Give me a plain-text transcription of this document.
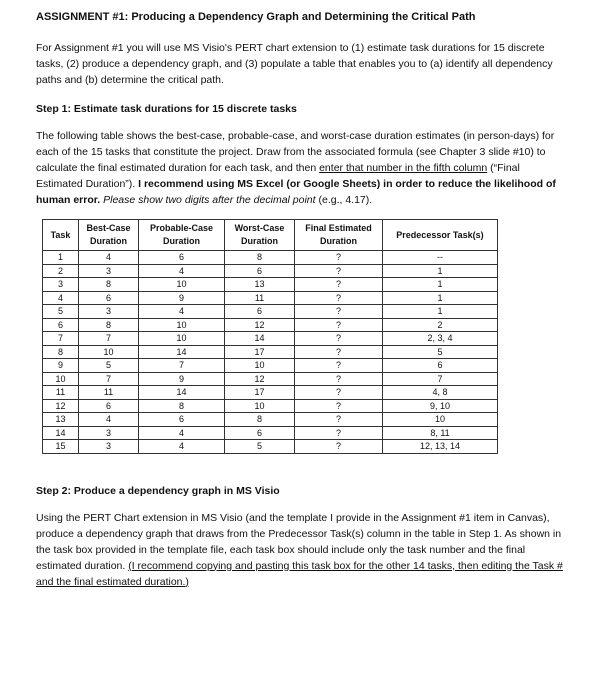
ASSIGNMENT #1: Producing a Dependency Graph and Determining the Critical Path

For Assignment #1 you will use MS Visio's PERT chart extension to (1) estimate task durations for 15 discrete tasks, (2) produce a dependency graph, and (3) populate a table that enables you to (a) identify all dependency paths and (b) determine the critical path.

Step 1: Estimate task durations for 15 discrete tasks

The following table shows the best-case, probable-case, and worst-case duration estimates (in person-days) for each of the 15 tasks that constitute the project. Draw from the associated formula (see Chapter 3 slide #10) to calculate the final estimated duration for each task, and then enter that number in the fifth column (“Final Estimated Duration”). I recommend using MS Excel (or Google Sheets) in order to reduce the likelihood of human error. Please show two digits after the decimal point (e.g., 4.17).

Task	Best-Case Duration	Probable-Case Duration	Worst-Case Duration	Final Estimated Duration	Predecessor Task(s)
1	4	6	8	?	--
2	3	4	6	?	1
3	8	10	13	?	1
4	6	9	11	?	1
5	3	4	6	?	1
6	8	10	12	?	2
7	7	10	14	?	2, 3, 4
8	10	14	17	?	5
9	5	7	10	?	6
10	7	9	12	?	7
11	11	14	17	?	4, 8
12	6	8	10	?	9, 10
13	4	6	8	?	10
14	3	4	6	?	8, 11
15	3	4	5	?	12, 13, 14
Step 2: Produce a dependency graph in MS Visio

Using the PERT Chart extension in MS Visio (and the template I provide in the Assignment #1 item in Canvas), produce a dependency graph that draws from the Predecessor Task(s) column in the table in Step 1. As shown in the task box provided in the template file, each task box should include only the task number and the final estimated duration. (I recommend copying and pasting this task box for the other 14 tasks, then editing the Task # and the final estimated duration.)
